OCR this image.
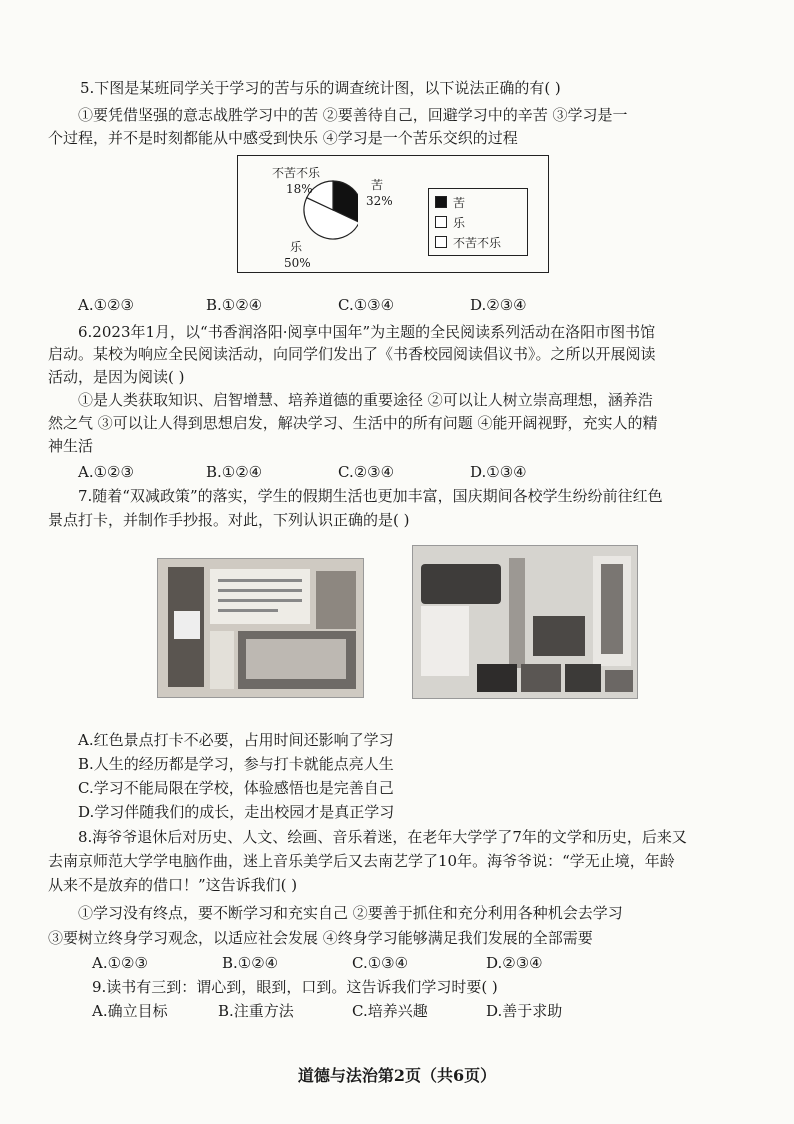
5.下图是某班同学关于学习的苦与乐的调查统计图，以下说法正确的有( )
①要凭借坚强的意志战胜学习中的苦 ②要善待自己，回避学习中的辛苦 ③学习是一
个过程，并不是时刻都能从中感受到快乐 ④学习是一个苦乐交织的过程
不苦不乐
18%	苦
32%
乐
50%
苦
乐
不苦不乐
A.①②③	B.①②④	C.①③④	D.②③④
6.2023年1月，以“书香润洛阳·阅享中国年”为主题的全民阅读系列活动在洛阳市图书馆
启动。某校为响应全民阅读活动，向同学们发出了《书香校园阅读倡议书》。之所以开展阅读
活动，是因为阅读( )
①是人类获取知识、启智增慧、培养道德的重要途径 ②可以让人树立崇高理想，涵养浩
然之气 ③可以让人得到思想启发，解决学习、生活中的所有问题 ④能开阔视野，充实人的精
神生活
A.①②③	B.①②④	C.②③④	D.①③④
7.随着“双减政策”的落实，学生的假期生活也更加丰富，国庆期间各校学生纷纷前往红色
景点打卡，并制作手抄报。对此，下列认识正确的是( )
A.红色景点打卡不必要，占用时间还影响了学习
B.人生的经历都是学习，参与打卡就能点亮人生
C.学习不能局限在学校，体验感悟也是完善自己
D.学习伴随我们的成长，走出校园才是真正学习
8.海爷爷退休后对历史、人文、绘画、音乐着迷，在老年大学学了7年的文学和历史，后来又
去南京师范大学学电脑作曲，迷上音乐美学后又去南艺学了10年。海爷爷说：“学无止境，年龄
从来不是放弃的借口！”这告诉我们( )
①学习没有终点，要不断学习和充实自己 ②要善于抓住和充分利用各种机会去学习
③要树立终身学习观念，以适应社会发展 ④终身学习能够满足我们发展的全部需要
A.①②③	B.①②④	C.①③④	D.②③④
9.读书有三到：谓心到，眼到，口到。这告诉我们学习时要( )
A.确立目标	B.注重方法	C.培养兴趣	D.善于求助
道德与法治第2页（共6页）
